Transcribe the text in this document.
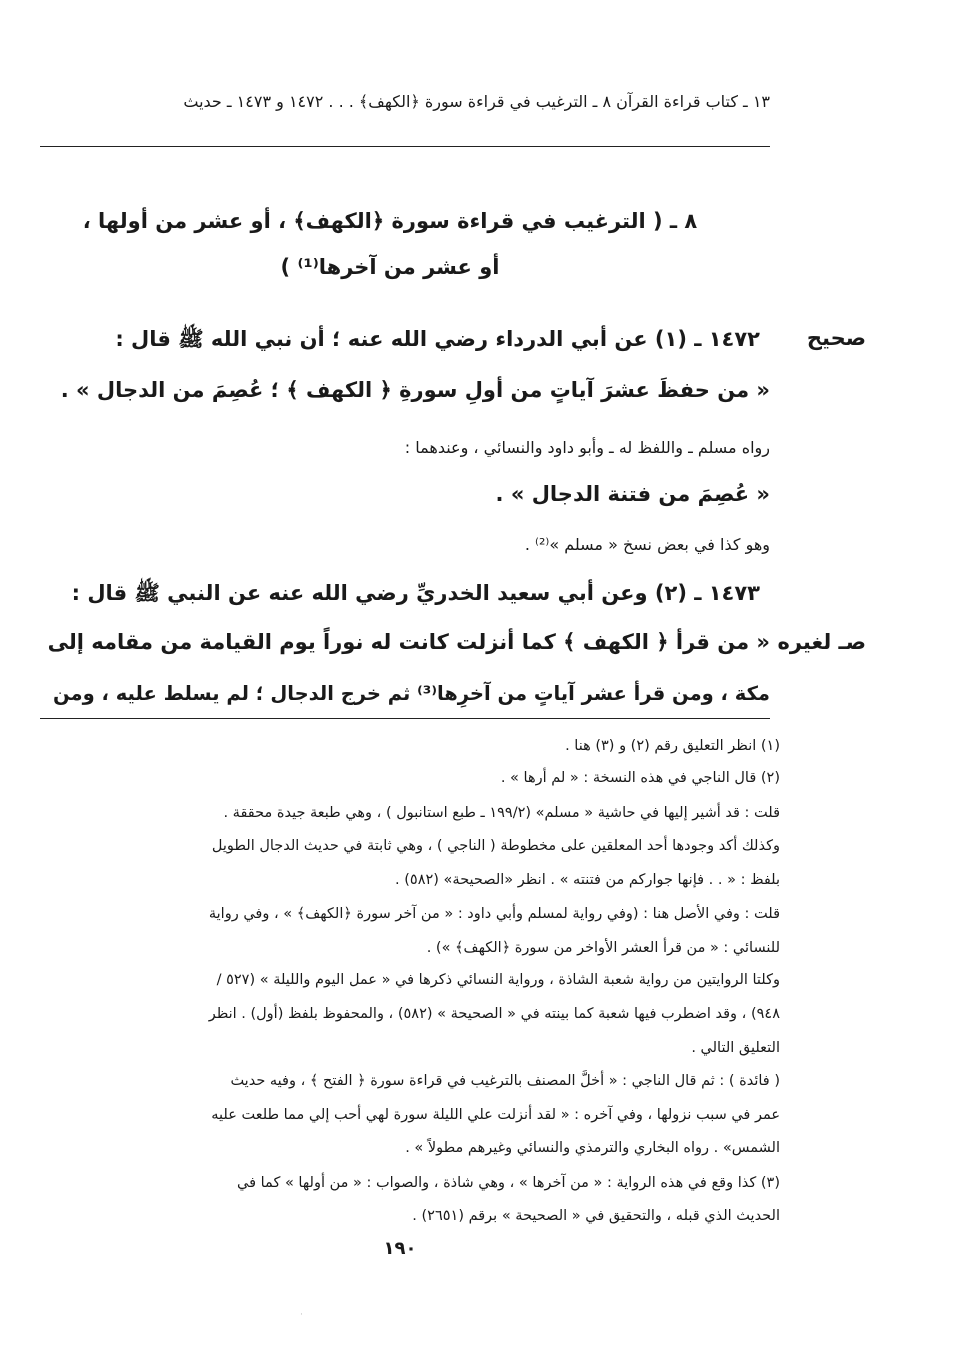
١٣ ـ كتاب قراءة القرآن ٨ ـ الترغيب في قراءة سورة ﴿الكهف﴾ . . . ١٤٧٢ و ١٤٧٣ ـ حديث
٨ ـ ( الترغيب في قراءة سورة ﴿الكهف﴾ ، أو عشر من أولها ،
أو عشر من آخرها⁽¹⁾ )
صحيح
صـ لغيره
١٤٧٢ ـ (١) عن أبي الدرداء رضي الله عنه ؛ أن نبي الله ﷺ قال :
« من حفظَ عشرَ آياتٍ من أولِ سورةِ ﴿ الكهف ﴾ ؛ عُصِمَ من الدجال » .
رواه مسلم ـ واللفظ له ـ وأبو داود والنسائي ، وعندهما :
« عُصِمَ من فتنة الدجال » .
وهو كذا في بعض نسخ « مسلم »⁽²⁾ .
١٤٧٣ ـ (٢) وعن أبي سعيد الخدريِّ رضي الله عنه عن النبي ﷺ قال :
« من قرأ ﴿ الكهف ﴾ كما أنزلت كانت له نوراً يوم القيامة من مقامه إلى
مكة ، ومن قرأ عشر آياتٍ من آخرِها⁽³⁾ ثم خرج الدجال ؛ لم يسلط عليه ، ومن
(١) انظر التعليق رقم (٢) و (٣) هنا .
(٢) قال الناجي في هذه النسخة : « لم أرها » .
قلت : قد أشير إليها في حاشية « مسلم» (١٩٩/٢ ـ طبع استانبول ) ، وهي طبعة جيدة محققة .
وكذلك أكد وجودها أحد المعلقين على مخطوطة ( الناجي ) ، وهي ثابتة في حديث الدجال الطويل
بلفظ : « . . فإنها جواركم من فتنته » . انظر «الصحيحة» (٥٨٢) .
قلت : وفي الأصل هنا : (وفي رواية لمسلم وأبي داود : « من آخر سورة ﴿الكهف﴾ » ، وفي رواية
للنسائي : « من قرأ العشر الأواخر من سورة ﴿الكهف﴾ ») .
وكلتا الروايتين من رواية شعبة الشاذة ، ورواية النسائي ذكرها في « عمل اليوم والليلة » (٥٢٧ /
٩٤٨) ، وقد اضطرب فيها شعبة كما بينته في « الصحيحة » (٥٨٢) ، والمحفوظ بلفظ (أول) . انظر
التعليق التالي .
( فائدة ) : ثم قال الناجي : « أخلَّ المصنف بالترغيب في قراءة سورة ﴿ الفتح ﴾ ، وفيه حديث
عمر في سبب نزولها ، وفي آخره : « لقد أنزلت علي الليلة سورة لهي أحب إلي مما طلعت عليه
الشمس» . رواه البخاري والترمذي والنسائي وغيرهم مطولاً » .
(٣) كذا وقع في هذه الرواية : « من آخرها » ، وهي شاذة ، والصواب : « من أولها » كما في
الحديث الذي قبله ، والتحقيق في « الصحيحة » برقم (٢٦٥١) .
١٩٠
·
